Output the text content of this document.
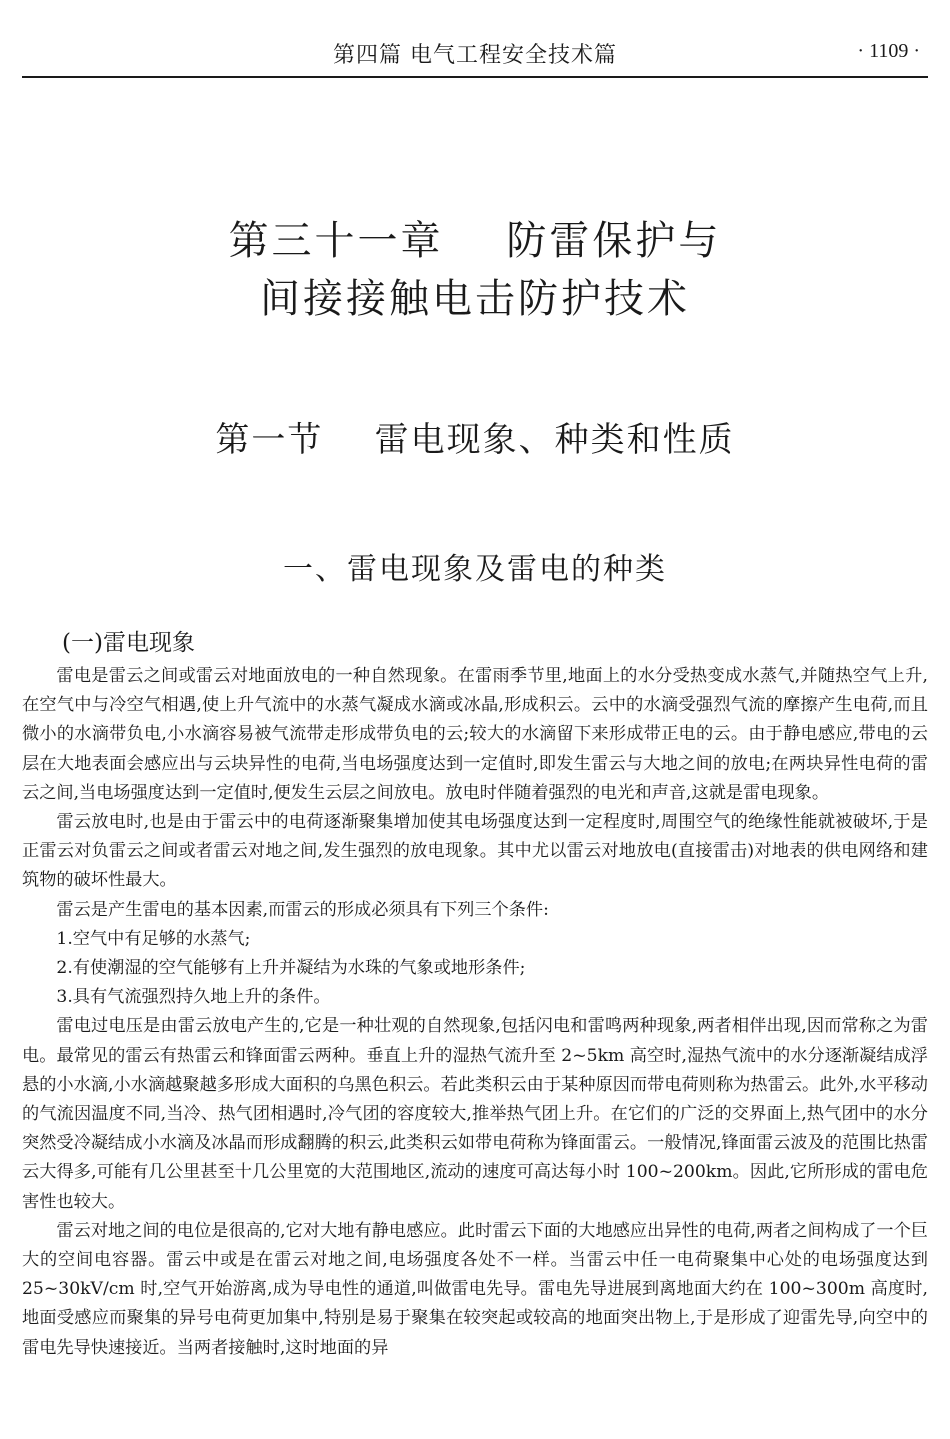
第四篇 电气工程安全技术篇	· 1109 ·
第三十一章    防雷保护与
间接接触电击防护技术
第一节    雷电现象、种类和性质
一、雷电现象及雷电的种类
(一)雷电现象

雷电是雷云之间或雷云对地面放电的一种自然现象。在雷雨季节里,地面上的水分受热变成水蒸气,并随热空气上升,在空气中与冷空气相遇,使上升气流中的水蒸气凝成水滴或冰晶,形成积云。云中的水滴受强烈气流的摩擦产生电荷,而且微小的水滴带负电,小水滴容易被气流带走形成带负电的云;较大的水滴留下来形成带正电的云。由于静电感应,带电的云层在大地表面会感应出与云块异性的电荷,当电场强度达到一定值时,即发生雷云与大地之间的放电;在两块异性电荷的雷云之间,当电场强度达到一定值时,便发生云层之间放电。放电时伴随着强烈的电光和声音,这就是雷电现象。

雷云放电时,也是由于雷云中的电荷逐渐聚集增加使其电场强度达到一定程度时,周围空气的绝缘性能就被破坏,于是正雷云对负雷云之间或者雷云对地之间,发生强烈的放电现象。其中尤以雷云对地放电(直接雷击)对地表的供电网络和建筑物的破坏性最大。

雷云是产生雷电的基本因素,而雷云的形成必须具有下列三个条件:

1.空气中有足够的水蒸气;

2.有使潮湿的空气能够有上升并凝结为水珠的气象或地形条件;

3.具有气流强烈持久地上升的条件。

雷电过电压是由雷云放电产生的,它是一种壮观的自然现象,包括闪电和雷鸣两种现象,两者相伴出现,因而常称之为雷电。最常见的雷云有热雷云和锋面雷云两种。垂直上升的湿热气流升至 2~5km 高空时,湿热气流中的水分逐渐凝结成浮悬的小水滴,小水滴越聚越多形成大面积的乌黑色积云。若此类积云由于某种原因而带电荷则称为热雷云。此外,水平移动的气流因温度不同,当冷、热气团相遇时,冷气团的容度较大,推举热气团上升。在它们的广泛的交界面上,热气团中的水分突然受冷凝结成小水滴及冰晶而形成翻腾的积云,此类积云如带电荷称为锋面雷云。一般情况,锋面雷云波及的范围比热雷云大得多,可能有几公里甚至十几公里宽的大范围地区,流动的速度可高达每小时 100~200km。因此,它所形成的雷电危害性也较大。

雷云对地之间的电位是很高的,它对大地有静电感应。此时雷云下面的大地感应出异性的电荷,两者之间构成了一个巨大的空间电容器。雷云中或是在雷云对地之间,电场强度各处不一样。当雷云中任一电荷聚集中心处的电场强度达到 25~30kV/cm 时,空气开始游离,成为导电性的通道,叫做雷电先导。雷电先导进展到离地面大约在 100~300m 高度时,地面受感应而聚集的异号电荷更加集中,特别是易于聚集在较突起或较高的地面突出物上,于是形成了迎雷先导,向空中的雷电先导快速接近。当两者接触时,这时地面的异
